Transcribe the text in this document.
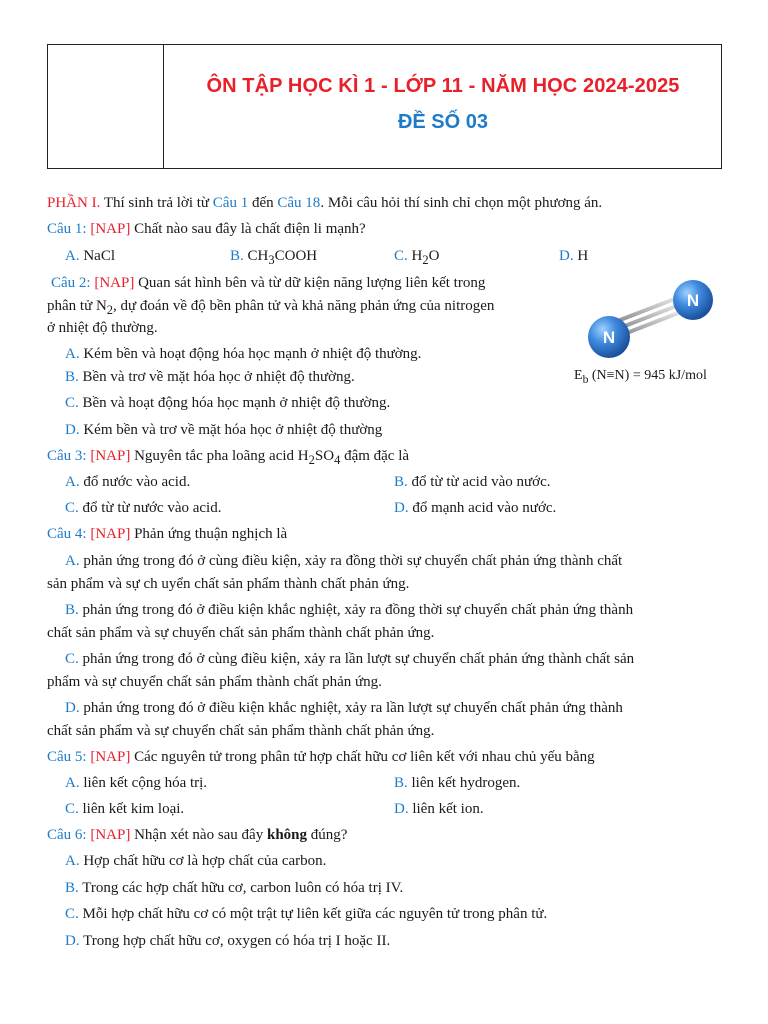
ÔN TẬP HỌC KÌ 1 - LỚP 11 - NĂM HỌC 2024-2025
ĐỀ SỐ 03
PHẦN I. Thí sinh trả lời từ Câu 1 đến Câu 18. Mỗi câu hỏi thí sinh chỉ chọn một phương án.
Câu 1: [NAP] Chất nào sau đây là chất điện li mạnh?
A. NaCl	B. $CH_3COOH$	C. $H_2O$	D. H
Câu 2: [NAP] Quan sát hình bên và từ dữ kiện năng lượng liên kết trong
phân tử $N_2$, dự đoán về độ bền phân tử và khả năng phản ứng của nitrogen
ở nhiệt độ thường.
N
N
$E_b$ (N≡N) = 945 kJ/mol
A. Kém bền và hoạt động hóa học mạnh ở nhiệt độ thường.
B. Bền và trơ về mặt hóa học ở nhiệt độ thường.
C. Bền và hoạt động hóa học mạnh ở nhiệt độ thường.
D. Kém bền và trơ về mặt hóa học ở nhiệt độ thường
Câu 3: [NAP] Nguyên tắc pha loãng acid $H_2SO_4$ đậm đặc là
A. đổ nước vào acid.	B. đổ từ từ acid vào nước.
C. đổ từ từ nước vào acid.	D. đổ mạnh acid vào nước.
Câu 4: [NAP] Phản ứng thuận nghịch là
A. phản ứng trong đó ở cùng điều kiện, xảy ra đồng thời sự chuyển chất phản ứng thành chất
sản phẩm và sự ch uyển chất sản phẩm thành chất phản ứng.
B. phản ứng trong đó ở điều kiện khắc nghiệt, xảy ra đồng thời sự chuyển chất phản ứng thành
chất sản phẩm và sự chuyển chất sản phẩm thành chất phản ứng.
C. phản ứng trong đó ở cùng điều kiện, xảy ra lần lượt sự chuyển chất phản ứng thành chất sản
phẩm và sự chuyển chất sản phẩm thành chất phản ứng.
D. phản ứng trong đó ở điều kiện khắc nghiệt, xảy ra lần lượt sự chuyển chất phản ứng thành
chất sản phẩm và sự chuyển chất sản phẩm thành chất phản ứng.
Câu 5: [NAP] Các nguyên tử trong phân tử hợp chất hữu cơ liên kết với nhau chủ yếu bằng
A. liên kết cộng hóa trị.	B. liên kết hydrogen.
C. liên kết kim loại.	D. liên kết ion.
Câu 6: [NAP] Nhận xét nào sau đây không đúng?
A. Hợp chất hữu cơ là hợp chất của carbon.
B. Trong các hợp chất hữu cơ, carbon luôn có hóa trị IV.
C. Mỗi hợp chất hữu cơ có một trật tự liên kết giữa các nguyên tử trong phân tử.
D. Trong hợp chất hữu cơ, oxygen có hóa trị I hoặc II.
